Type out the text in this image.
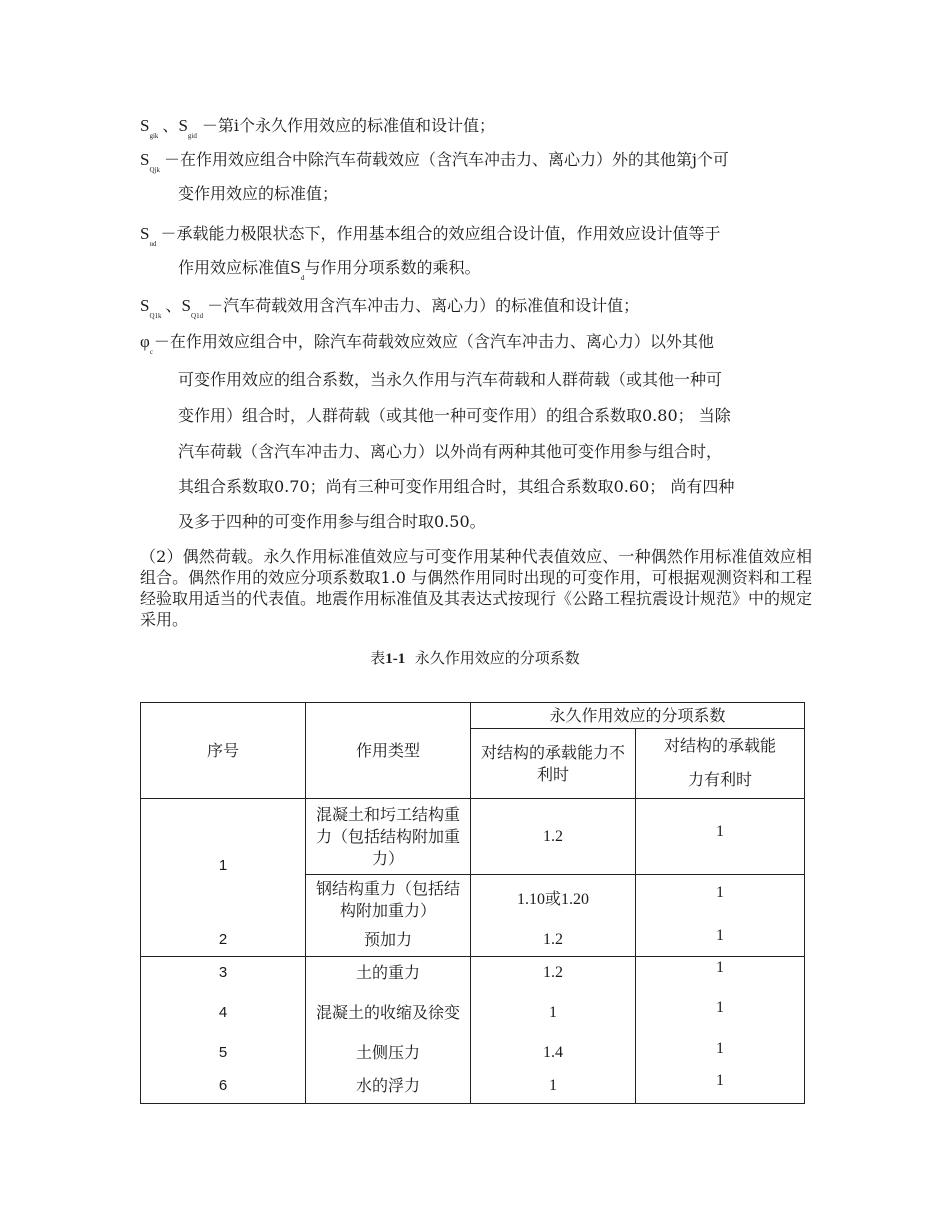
$S_{gik}$、$S_{gid}-$第i个永久作用效应的标准值和设计值；
$S_{Qjk}-$在作用效应组合中除汽车荷载效应（含汽车冲击力、离心力）外的其他第j个可
变作用效应的标准值；
$S_{ud}-$承载能力极限状态下，作用基本组合的效应组合设计值，作用效应设计值等于
作用效应标准值$S_d$与作用分项系数的乘积。
$S_{Q1k}$、$S_{Q1d}-$汽车荷载效用含汽车冲击力、离心力）的标准值和设计值；
$\varphi_c-$在作用效应组合中，除汽车荷载效应效应（含汽车冲击力、离心力）以外其他
可变作用效应的组合系数，当永久作用与汽车荷载和人群荷载（或其他一种可
变作用）组合时，人群荷载（或其他一种可变作用）的组合系数取0.80； 当除
汽车荷载（含汽车冲击力、离心力）以外尚有两种其他可变作用参与组合时，
其组合系数取0.70；尚有三种可变作用组合时，其组合系数取0.60； 尚有四种
及多于四种的可变作用参与组合时取0.50。
（2）偶然荷载。永久作用标准值效应与可变作用某种代表值效应、一种偶然作用标准值效应相组合。偶然作用的效应分项系数取1.0 与偶然作用同时出现的可变作用，可根据观测资料和工程经验取用适当的代表值。地震作用标准值及其表达式按现行《公路工程抗震设计规范》中的规定采用。
表1-1  永久作用效应的分项系数
序号	作用类型	永久作用效应的分项系数	
		对结构的承载能力不利时	对结构的承载能
力有利时

1	混凝土和圬工结构重力（包括结构附加重力）	1.2	1
	钢结构重力（包括结构附加重力）	1.10或1.20	1
2	预加力	1.2	1
3	土的重力	1.2	1
4	混凝土的收缩及徐变	1	1
5	土侧压力	1.4	1
6	水的浮力	1	1
